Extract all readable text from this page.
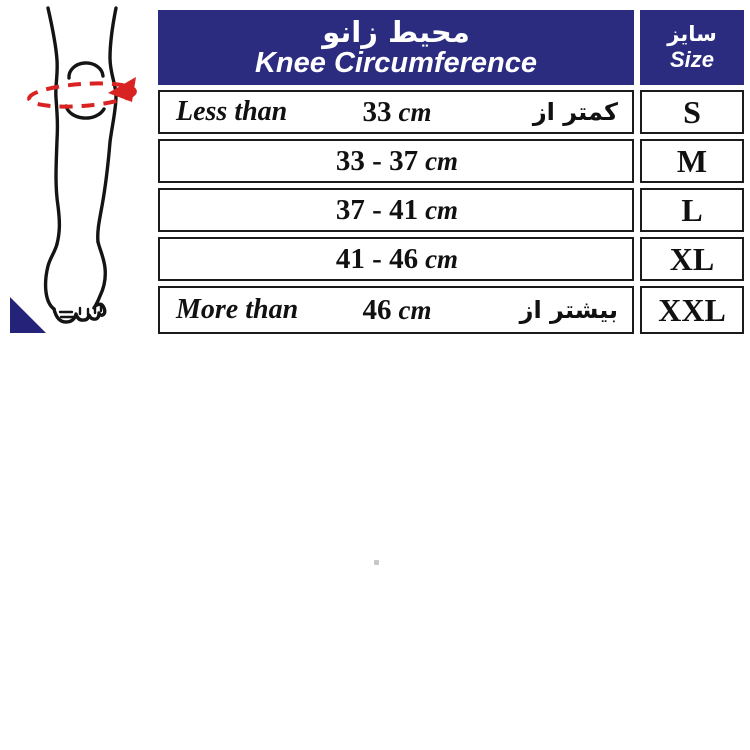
محیط زانو
Knee Circumference
سایز
Size
Less than	33 cm	کمتر از S
33 - 37 cm	M
37 - 41 cm	L
41 - 46 cm	XL
More than 46 cm	بیشتر از XXL
